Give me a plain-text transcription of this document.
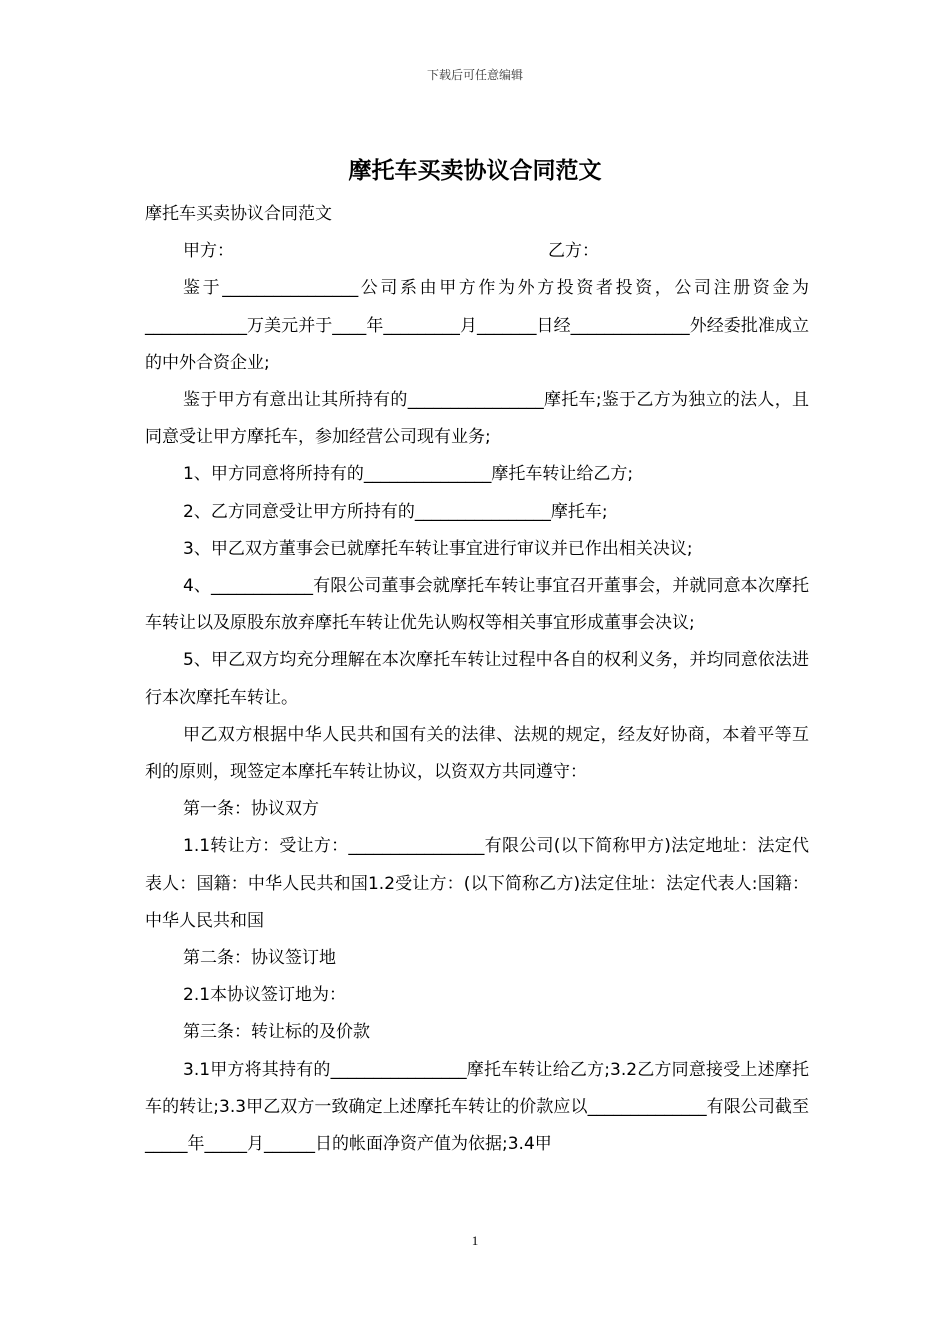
下载后可任意编辑
摩托车买卖协议合同范文

摩托车买卖协议合同范文

甲方：	乙方：

鉴于________________公司系由甲方作为外方投资者投资，公司注册资金为____________万美元并于____年_________月_______日经______________外经委批准成立的中外合资企业;

鉴于甲方有意出让其所持有的________________摩托车;鉴于乙方为独立的法人，且同意受让甲方摩托车，参加经营公司现有业务;

1、甲方同意将所持有的_______________摩托车转让给乙方;

2、乙方同意受让甲方所持有的________________摩托车;

3、甲乙双方董事会已就摩托车转让事宜进行审议并已作出相关决议;

4、____________有限公司董事会就摩托车转让事宜召开董事会，并就同意本次摩托车转让以及原股东放弃摩托车转让优先认购权等相关事宜形成董事会决议;

5、甲乙双方均充分理解在本次摩托车转让过程中各自的权利义务，并均同意依法进行本次摩托车转让。

甲乙双方根据中华人民共和国有关的法律、法规的规定，经友好协商，本着平等互利的原则，现签定本摩托车转让协议，以资双方共同遵守：

第一条：协议双方

1.1转让方：受让方：________________有限公司(以下简称甲方)法定地址：法定代表人：国籍：中华人民共和国1.2受让方：(以下简称乙方)法定住址：法定代表人:国籍：中华人民共和国

第二条：协议签订地

2.1本协议签订地为：

第三条：转让标的及价款

3.1甲方将其持有的________________摩托车转让给乙方;3.2乙方同意接受上述摩托车的转让;3.3甲乙双方一致确定上述摩托车转让的价款应以______________有限公司截至_____年_____月______日的帐面净资产值为依据;3.4甲

1
